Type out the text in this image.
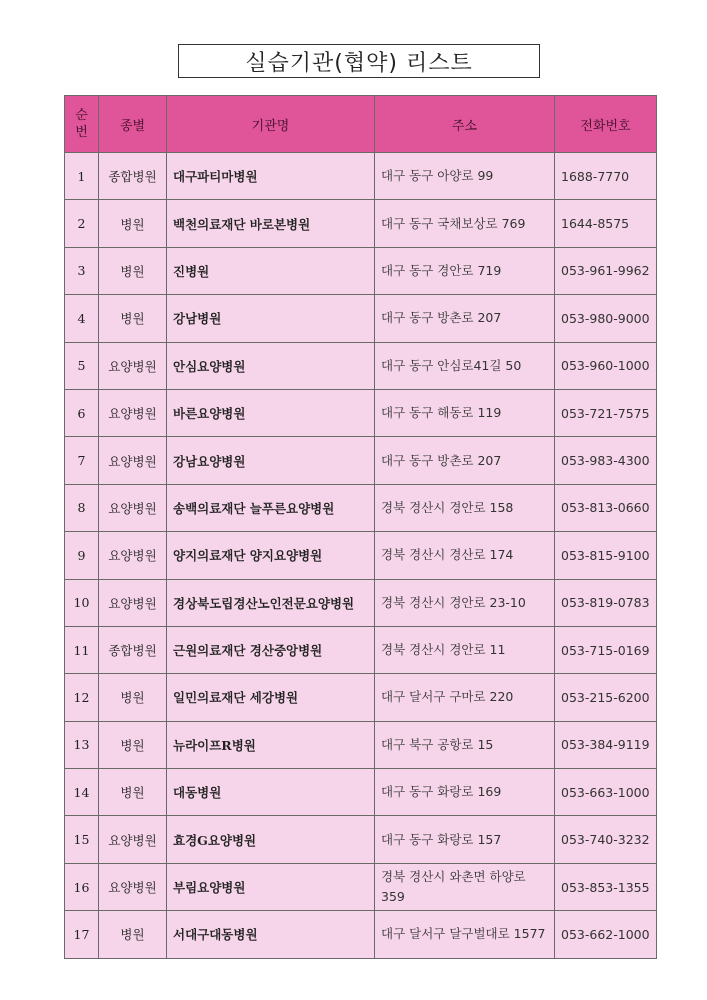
실습기관(협약) 리스트
순
번	종별	기관명	주소	전화번호
1	종합병원	대구파티마병원	대구 동구 아양로 99	1688-7770
2	병원	백천의료재단 바로본병원	대구 동구 국채보상로 769	1644-8575
3	병원	진병원	대구 동구 경안로 719	053-961-9962
4	병원	강남병원	대구 동구 방촌로 207	053-980-9000
5	요양병원	안심요양병원	대구 동구 안심로41길 50	053-960-1000
6	요양병원	바른요양병원	대구 동구 해동로 119	053-721-7575
7	요양병원	강남요양병원	대구 동구 방촌로 207	053-983-4300
8	요양병원	송백의료재단 늘푸른요양병원	경북 경산시 경안로 158	053-813-0660
9	요양병원	양지의료재단 양지요양병원	경북 경산시 경산로 174	053-815-9100
10	요양병원	경상북도립경산노인전문요양병원	경북 경산시 경안로 23-10	053-819-0783
11	종합병원	근원의료재단 경산중앙병원	경북 경산시 경안로 11	053-715-0169
12	병원	일민의료재단 세강병원	대구 달서구 구마로 220	053-215-6200
13	병원	뉴라이프R병원	대구 북구 공항로 15	053-384-9119
14	병원	대동병원	대구 동구 화랑로 169	053-663-1000
15	요양병원	효경G요양병원	대구 동구 화랑로 157	053-740-3232
16	요양병원	부림요양병원	경북 경산시 와촌면 하양로 359	053-853-1355
17	병원	서대구대동병원	대구 달서구 달구벌대로 1577	053-662-1000
